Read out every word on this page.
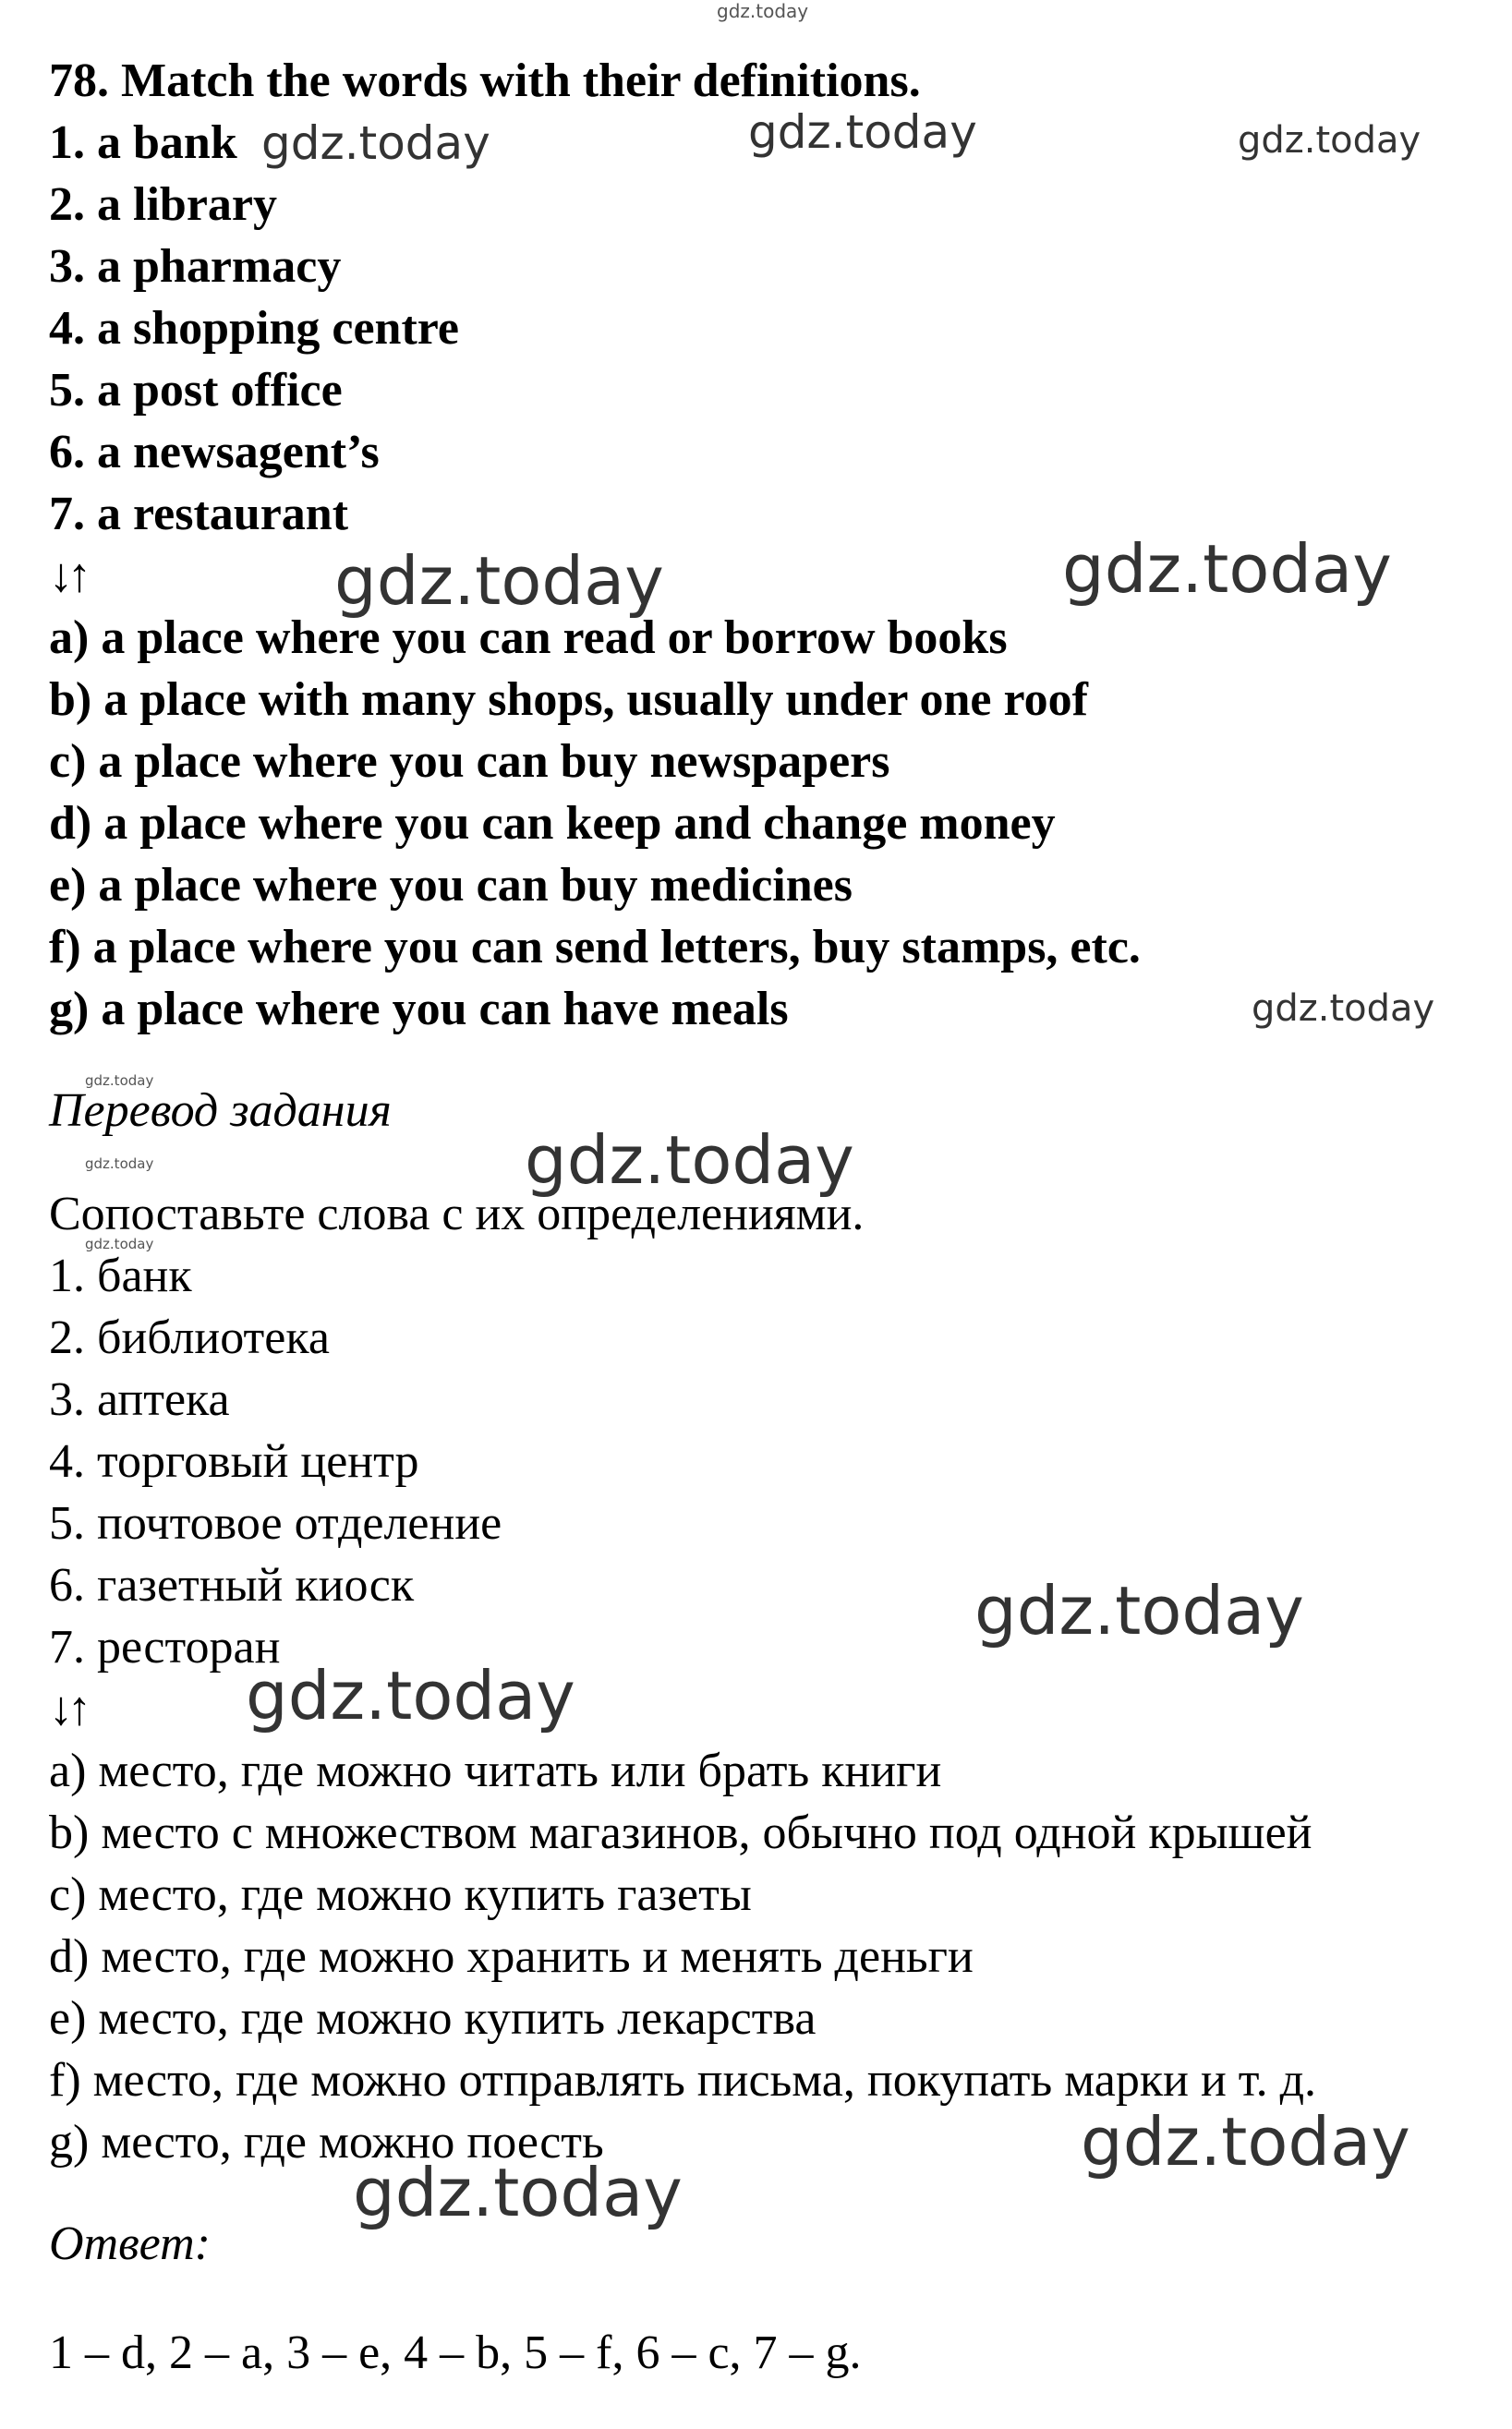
gdz.today
78. Match the words with their definitions.
1. a bank
2. a library
3. a pharmacy
4. a shopping centre
5. a post office
6. a newsagent’s
7. a restaurant
↓↑
a) a place where you can read or borrow books
b) a place with many shops, usually under one roof
c) a place where you can buy newspapers
d) a place where you can keep and change money
e) a place where you can buy medicines
f) a place where you can send letters, buy stamps, etc.
g) a place where you can have meals
Перевод задания
Сопоставьте слова с их определениями.
1. банк
2. библиотека
3. аптека
4. торговый центр
5. почтовое отделение
6. газетный киоск
7. ресторан
↓↑
a) место, где можно читать или брать книги
b) место с множеством магазинов, обычно под одной крышей
c) место, где можно купить газеты
d) место, где можно хранить и менять деньги
e) место, где можно купить лекарства
f) место, где можно отправлять письма, покупать марки и т. д.
g) место, где можно поесть
Ответ:
1 – d, 2 – a, 3 – e, 4 – b, 5 – f, 6 – c, 7 – g.
gdz.today	gdz.today	gdz.today
gdz.today	gdz.today
gdz.today
gdz.today
gdz.today
gdz.today
gdz.today
gdz.today
gdz.today
gdz.today
gdz.today
